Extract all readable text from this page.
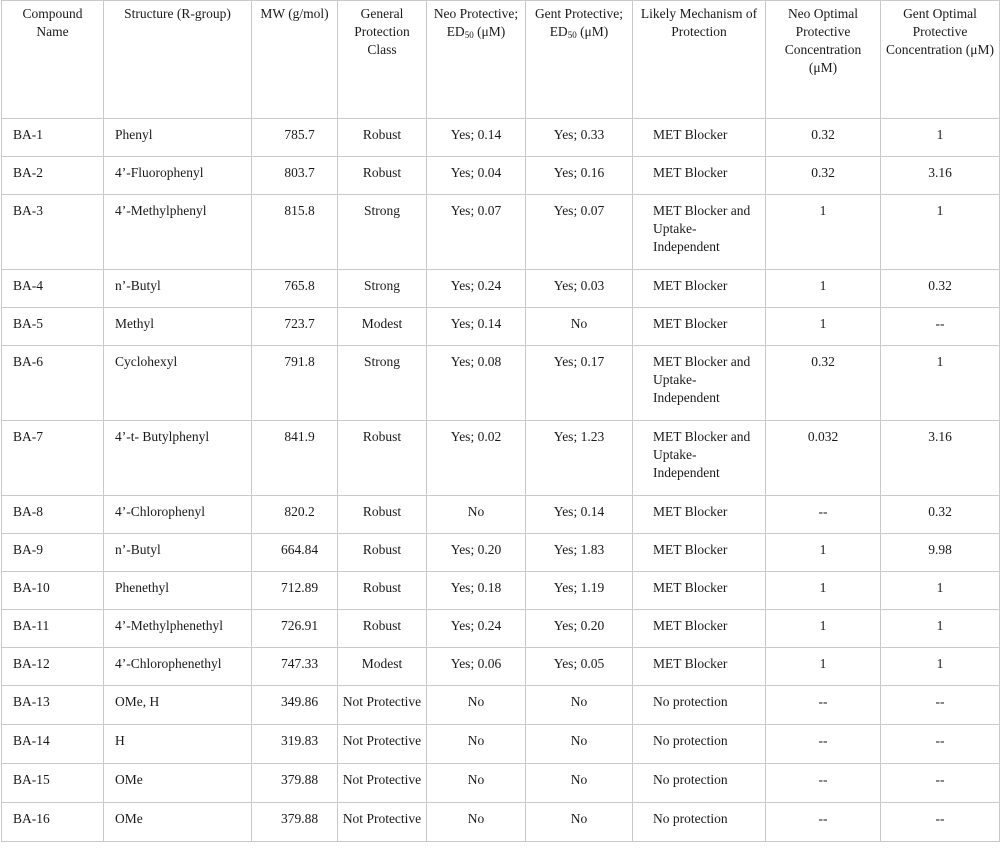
Compound Name	Structure (R-group)	MW (g/mol)	General Protection Class	Neo Protective; $ED_{50}$ (μM)	Gent Protective; $ED_{50}$ (μM)	Likely Mechanism of Protection	Neo Optimal Protective Concentration (μM)	Gent Optimal Protective Concentration (μM)
BA-1	Phenyl	785.7	Robust	Yes; 0.14	Yes; 0.33	MET Blocker	0.32	1
BA-2	4’-Fluorophenyl	803.7	Robust	Yes; 0.04	Yes; 0.16	MET Blocker	0.32	3.16
BA-3	4’-Methylphenyl	815.8	Strong	Yes; 0.07	Yes; 0.07	MET Blocker and Uptake-Independent	1	1
BA-4	n’-Butyl	765.8	Strong	Yes; 0.24	Yes; 0.03	MET Blocker	1	0.32
BA-5	Methyl	723.7	Modest	Yes; 0.14	No	MET Blocker	1	--
BA-6	Cyclohexyl	791.8	Strong	Yes; 0.08	Yes; 0.17	MET Blocker and Uptake-Independent	0.32	1
BA-7	4’-t- Butylphenyl	841.9	Robust	Yes; 0.02	Yes; 1.23	MET Blocker and Uptake-Independent	0.032	3.16
BA-8	4’-Chlorophenyl	820.2	Robust	No	Yes; 0.14	MET Blocker	--	0.32
BA-9	n’-Butyl	664.84	Robust	Yes; 0.20	Yes; 1.83	MET Blocker	1	9.98
BA-10	Phenethyl	712.89	Robust	Yes; 0.18	Yes; 1.19	MET Blocker	1	1
BA-11	4’-Methylphenethyl	726.91	Robust	Yes; 0.24	Yes; 0.20	MET Blocker	1	1
BA-12	4’-Chlorophenethyl	747.33	Modest	Yes; 0.06	Yes; 0.05	MET Blocker	1	1
BA-13	OMe, H	349.86	Not Protective	No	No	No protection	--	--
BA-14	H	319.83	Not Protective	No	No	No protection	--	--
BA-15	OMe	379.88	Not Protective	No	No	No protection	--	--
BA-16	OMe	379.88	Not Protective	No	No	No protection	--	--
